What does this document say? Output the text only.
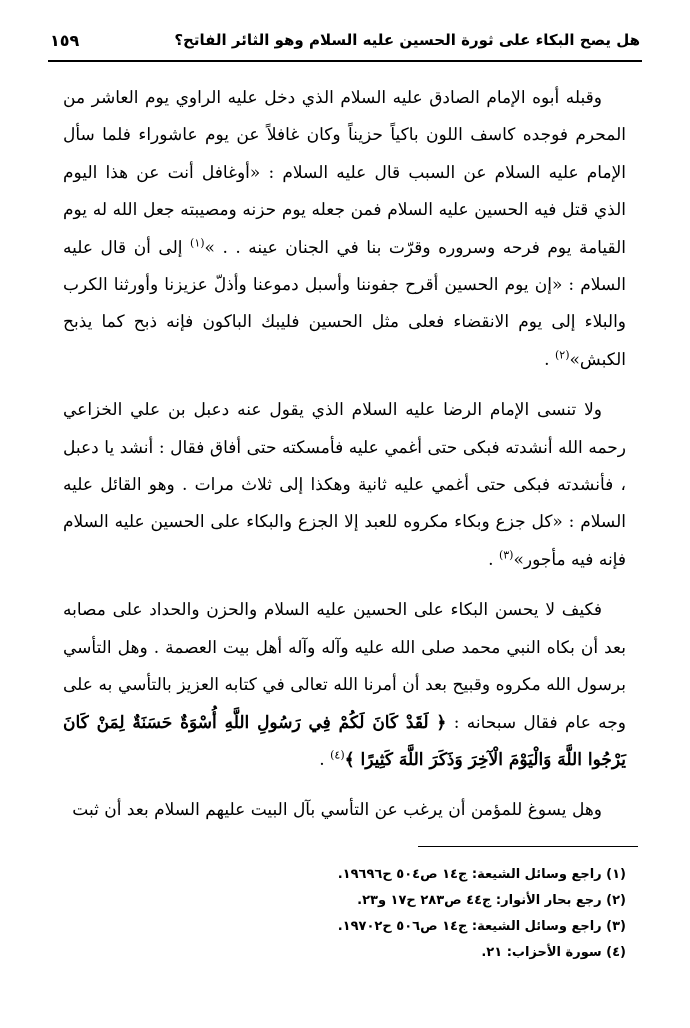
هل يصح البكاء على ثورة الحسين عليه السلام وهو الثائر الفاتح؟
١٥٩

وقبله أبوه الإمام الصادق عليه السلام الذي دخل عليه الراوي يوم العاشر من المحرم فوجده كاسف اللون باكياً حزيناً وكان غافلاً عن يوم عاشوراء فلما سأل الإمام عليه السلام عن السبب قال عليه السلام : «أوغافل أنت عن هذا اليوم الذي قتل فيه الحسين عليه السلام فمن جعله يوم حزنه ومصيبته جعل الله له يوم القيامة يوم فرحه وسروره وقرّت بنا في الجنان عينه . . »$^{(١)}$ إلى أن قال عليه السلام : «إن يوم الحسين أقرح جفوننا وأسبل دموعنا وأذلّ عزيزنا وأورثنا الكرب والبلاء إلى يوم الانقضاء فعلى مثل الحسين فليبك الباكون فإنه ذبح كما يذبح الكبش»$^{(٢)}$ .

ولا تنسى الإمام الرضا عليه السلام الذي يقول عنه دعبل بن علي الخزاعي رحمه الله أنشدته فبكى حتى أغمي عليه فأمسكته حتى أفاق فقال : أنشد يا دعبل ، فأنشدته فبكى حتى أغمي عليه ثانية وهكذا إلى ثلاث مرات . وهو القائل عليه السلام : «كل جزع وبكاء مكروه للعبد إلا الجزع والبكاء على الحسين عليه السلام فإنه فيه مأجور»$^{(٣)}$ .

فكيف لا يحسن البكاء على الحسين عليه السلام والحزن والحداد على مصابه بعد أن بكاه النبي محمد صلى الله عليه وآله وآله أهل بيت العصمة . وهل التأسي برسول الله مكروه وقبيح بعد أن أمرنا الله تعالى في كتابه العزيز بالتأسي به على وجه عام فقال سبحانه : ﴿ لَقَدْ كَانَ لَكُمْ فِي رَسُولِ اللَّهِ أُسْوَةٌ حَسَنَةٌ لِمَنْ كَانَ يَرْجُوا اللَّهَ وَالْيَوْمَ الْآخِرَ وَذَكَرَ اللَّهَ كَثِيرًا ﴾$^{(٤)}$ .

وهل يسوغ للمؤمن أن يرغب عن التأسي بآل البيت عليهم السلام بعد أن ثبت

(١) راجع وسائل الشيعة: ج١٤ ص٥٠٤ ح١٩٦٩٦.

(٢) رجع بحار الأنوار: ج٤٤ ص٢٨٣ ح١٧ و٢٣.

(٣) راجع وسائل الشيعة: ج١٤ ص٥٠٦ ح١٩٧٠٢.

(٤) سورة الأحزاب: ٢١.
